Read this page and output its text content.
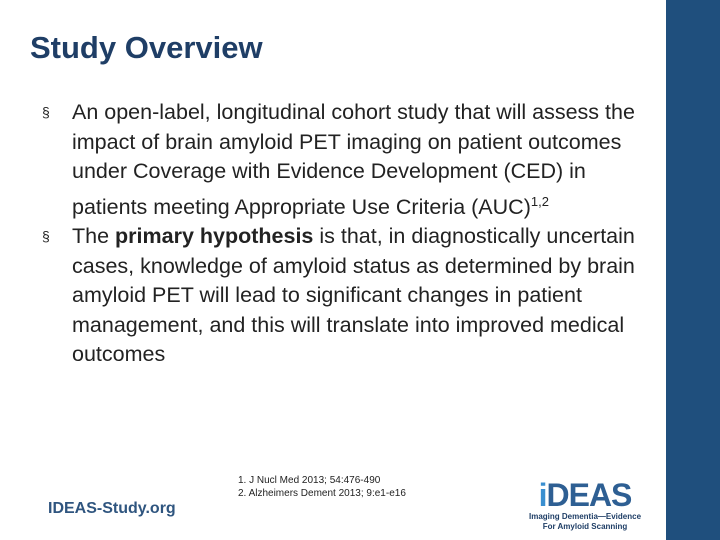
Study Overview
§	An open-label, longitudinal cohort study that will assess the impact of brain amyloid PET imaging on patient outcomes under Coverage with Evidence Development (CED) in patients meeting Appropriate Use Criteria (AUC)$^{1,2}$
§	The primary hypothesis is that, in diagnostically uncertain cases, knowledge of amyloid status as determined by brain amyloid PET will lead to significant changes in patient management, and this will translate into improved medical outcomes
1. J Nucl Med 2013; 54:476-490
2. Alzheimers Dement 2013; 9:e1-e16
IDEAS-Study.org	iDEAS
Imaging Dementia—Evidence
For Amyloid Scanning
